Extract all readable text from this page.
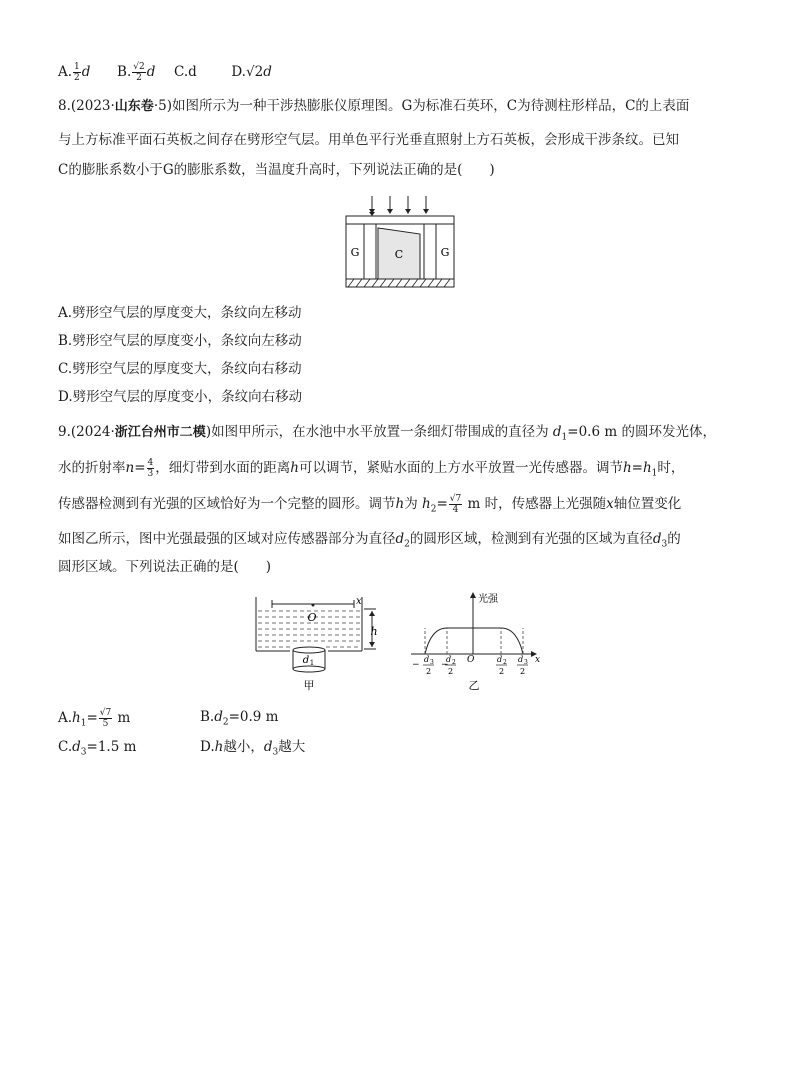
A. $\frac{1}{2}$ d B. $\frac{√2}{2}$ d C.d	D.√2d
8.(2023·山东卷·5)如图所示为一种干涉热膨胀仪原理图。G为标准石英环，C为待测柱形样品，C的上表面
与上方标准平面石英板之间存在劈形空气层。用单色平行光垂直照射上方石英板，会形成干涉条纹。已知
C的膨胀系数小于G的膨胀系数，当温度升高时，下列说法正确的是(　　)
G	C	G
A.劈形空气层的厚度变大，条纹向左移动
B.劈形空气层的厚度变小，条纹向左移动
C.劈形空气层的厚度变大，条纹向右移动
D.劈形空气层的厚度变小，条纹向右移动
9.(2024·浙江台州市二模)如图甲所示，在水池中水平放置一条细灯带围成的直径为 $d_1=0.6$ m 的圆环发光体，
水的折射率$n= \frac{4}{3}$ ，细灯带到水面的距离h可以调节，紧贴水面的上方水平放置一光传感器。调节$h=h_1$时，
传感器检测到有光强的区域恰好为一个完整的圆形。调节h为 $h_2= \frac{√7}{4}$ m 时，传感器上光强随x轴位置变化
如图乙所示，图中光强最强的区域对应传感器部分为直径$d_2$的圆形区域，检测到有光强的区域为直径$d_3$的
圆形区域。下列说法正确的是(　　)
O
x
h
d 1
甲
光强
O	x
−
d 3
2
−
d 2
2
d 2
2
d 3
2
乙
$A.h_1= \frac{√7}{5}$ m	$B.d_2=0.9$ m
$C.d_3=1.5$ m	D.h越小，$d_3$越大
